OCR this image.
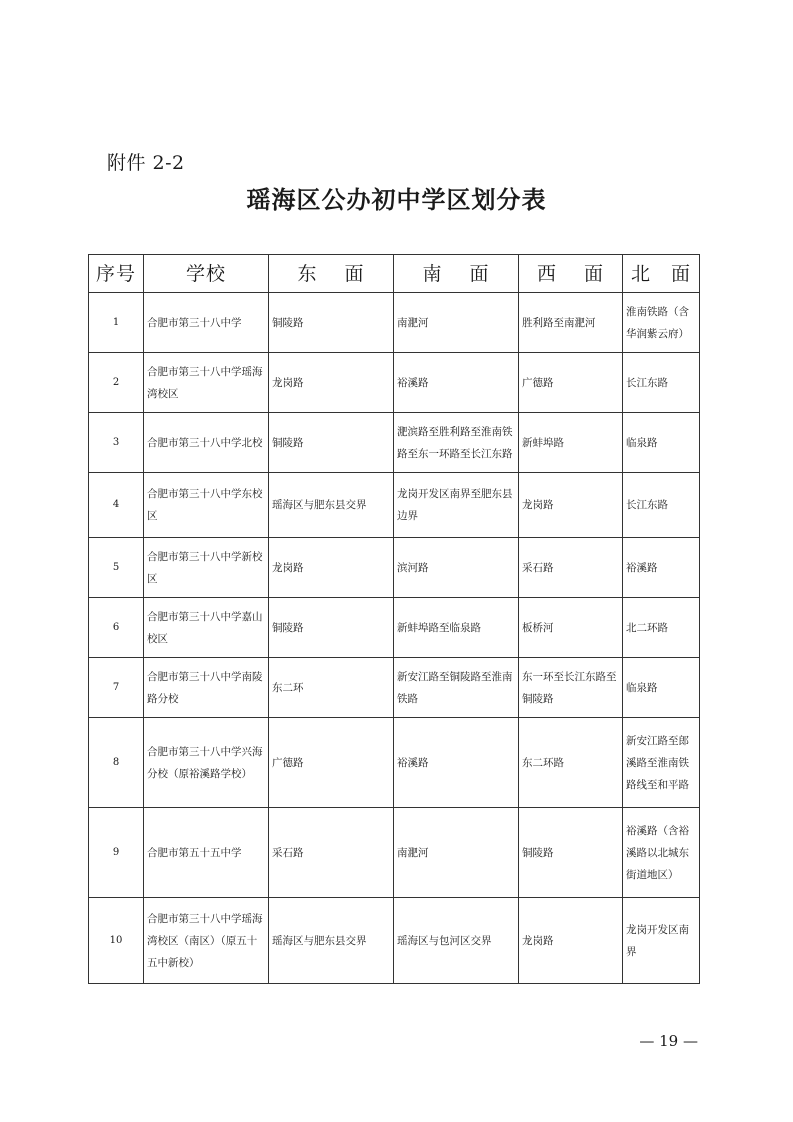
附件 2-2
瑶海区公办初中学区划分表
序号	学校	东　 面	南　 面	西　 面	北　面
1	合肥市第三十八中学	铜陵路	南淝河	胜利路至南淝河	淮南铁路（含华润紫云府）
2	合肥市第三十八中学瑶海湾校区	龙岗路	裕溪路	广德路	长江东路
3	合肥市第三十八中学北校	铜陵路	淝滨路至胜利路至淮南铁路至东一环路至长江东路	新蚌埠路	临泉路
4	合肥市第三十八中学东校区	瑶海区与肥东县交界	龙岗开发区南界至肥东县边界	龙岗路	长江东路
5	合肥市第三十八中学新校区	龙岗路	滨河路	采石路	裕溪路
6	合肥市第三十八中学嘉山校区	铜陵路	新蚌埠路至临泉路	板桥河	北二环路
7	合肥市第三十八中学南陵路分校	东二环	新安江路至铜陵路至淮南铁路	东一环至长江东路至铜陵路	临泉路
8	合肥市第三十八中学兴海分校（原裕溪路学校）	广德路	裕溪路	东二环路	新安江路至郎溪路至淮南铁路线至和平路
9	合肥市第五十五中学	采石路	南淝河	铜陵路	裕溪路（含裕溪路以北城东街道地区）
10	合肥市第三十八中学瑶海湾校区（南区）（原五十五中新校）	瑶海区与肥东县交界	瑶海区与包河区交界	龙岗路	龙岗开发区南界
— 19 —
